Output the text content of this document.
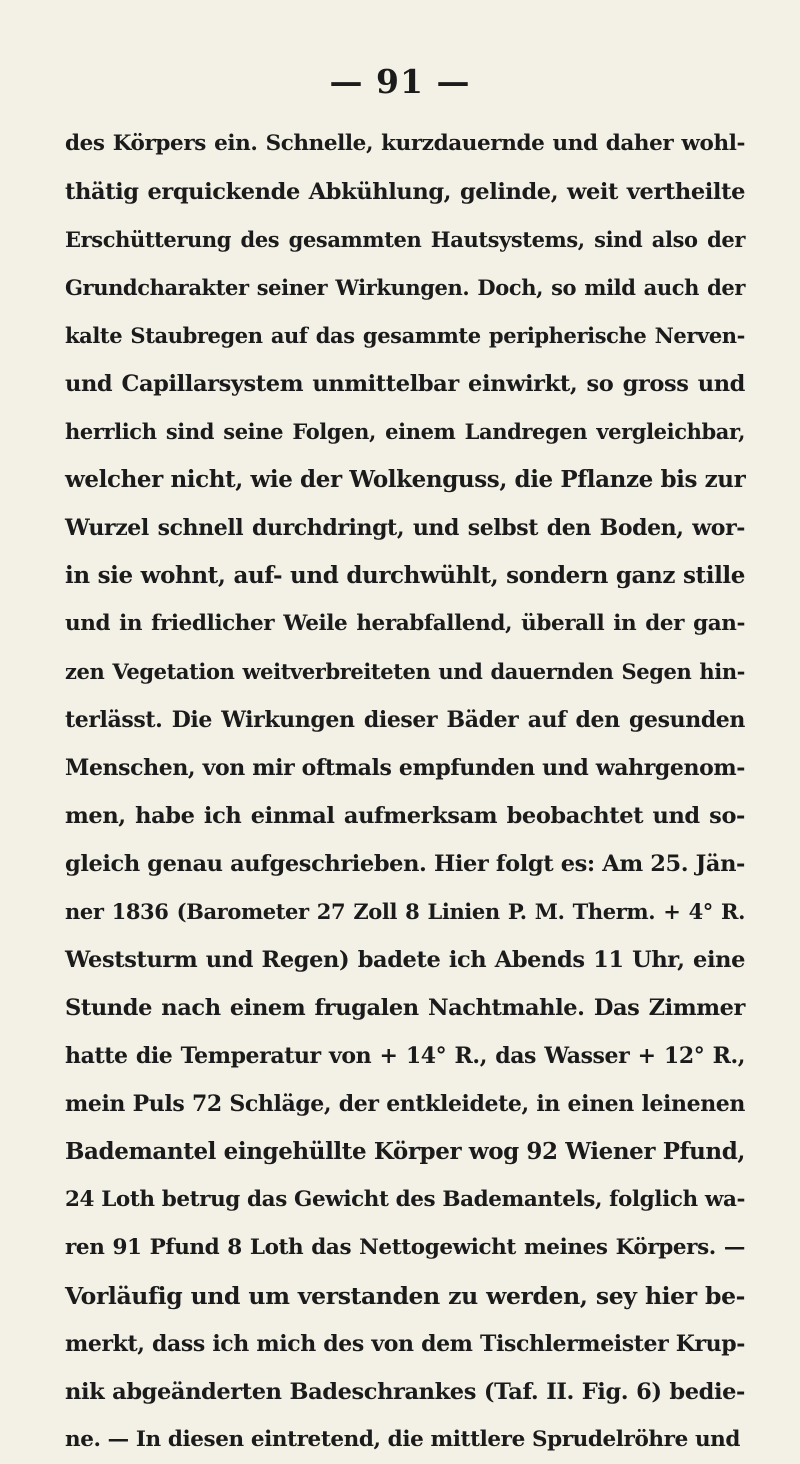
— 91 —
des Körpers ein. Schnelle, kurzdauernde und daher wohl-
thätig erquickende Abkühlung, gelinde, weit vertheilte
Erschütterung des gesammten Hautsystems, sind also der
Grundcharakter seiner Wirkungen. Doch, so mild auch der
kalte Staubregen auf das gesammte peripherische Nerven-
und Capillarsystem unmittelbar einwirkt, so gross und
herrlich sind seine Folgen, einem Landregen vergleichbar,
welcher nicht, wie der Wolkenguss, die Pflanze bis zur
Wurzel schnell durchdringt, und selbst den Boden, wor-
in sie wohnt, auf- und durchwühlt, sondern ganz stille
und in friedlicher Weile herabfallend, überall in der gan-
zen Vegetation weitverbreiteten und dauernden Segen hin-
terlässt. Die Wirkungen dieser Bäder auf den gesunden
Menschen, von mir oftmals empfunden und wahrgenom-
men, habe ich einmal aufmerksam beobachtet und so-
gleich genau aufgeschrieben. Hier folgt es: Am 25. Jän-
ner 1836 (Barometer 27 Zoll 8 Linien P. M. Therm. + 4° R.
Weststurm und Regen) badete ich Abends 11 Uhr, eine
Stunde nach einem frugalen Nachtmahle. Das Zimmer
hatte die Temperatur von + 14° R., das Wasser + 12° R.,
mein Puls 72 Schläge, der entkleidete, in einen leinenen
Bademantel eingehüllte Körper wog 92 Wiener Pfund,
24 Loth betrug das Gewicht des Bademantels, folglich wa-
ren 91 Pfund 8 Loth das Nettogewicht meines Körpers. —
Vorläufig und um verstanden zu werden, sey hier be-
merkt, dass ich mich des von dem Tischlermeister Krup-
nik abgeänderten Badeschrankes (Taf. II. Fig. 6) bedie-
ne. — In diesen eintretend, die mittlere Sprudelröhre und
